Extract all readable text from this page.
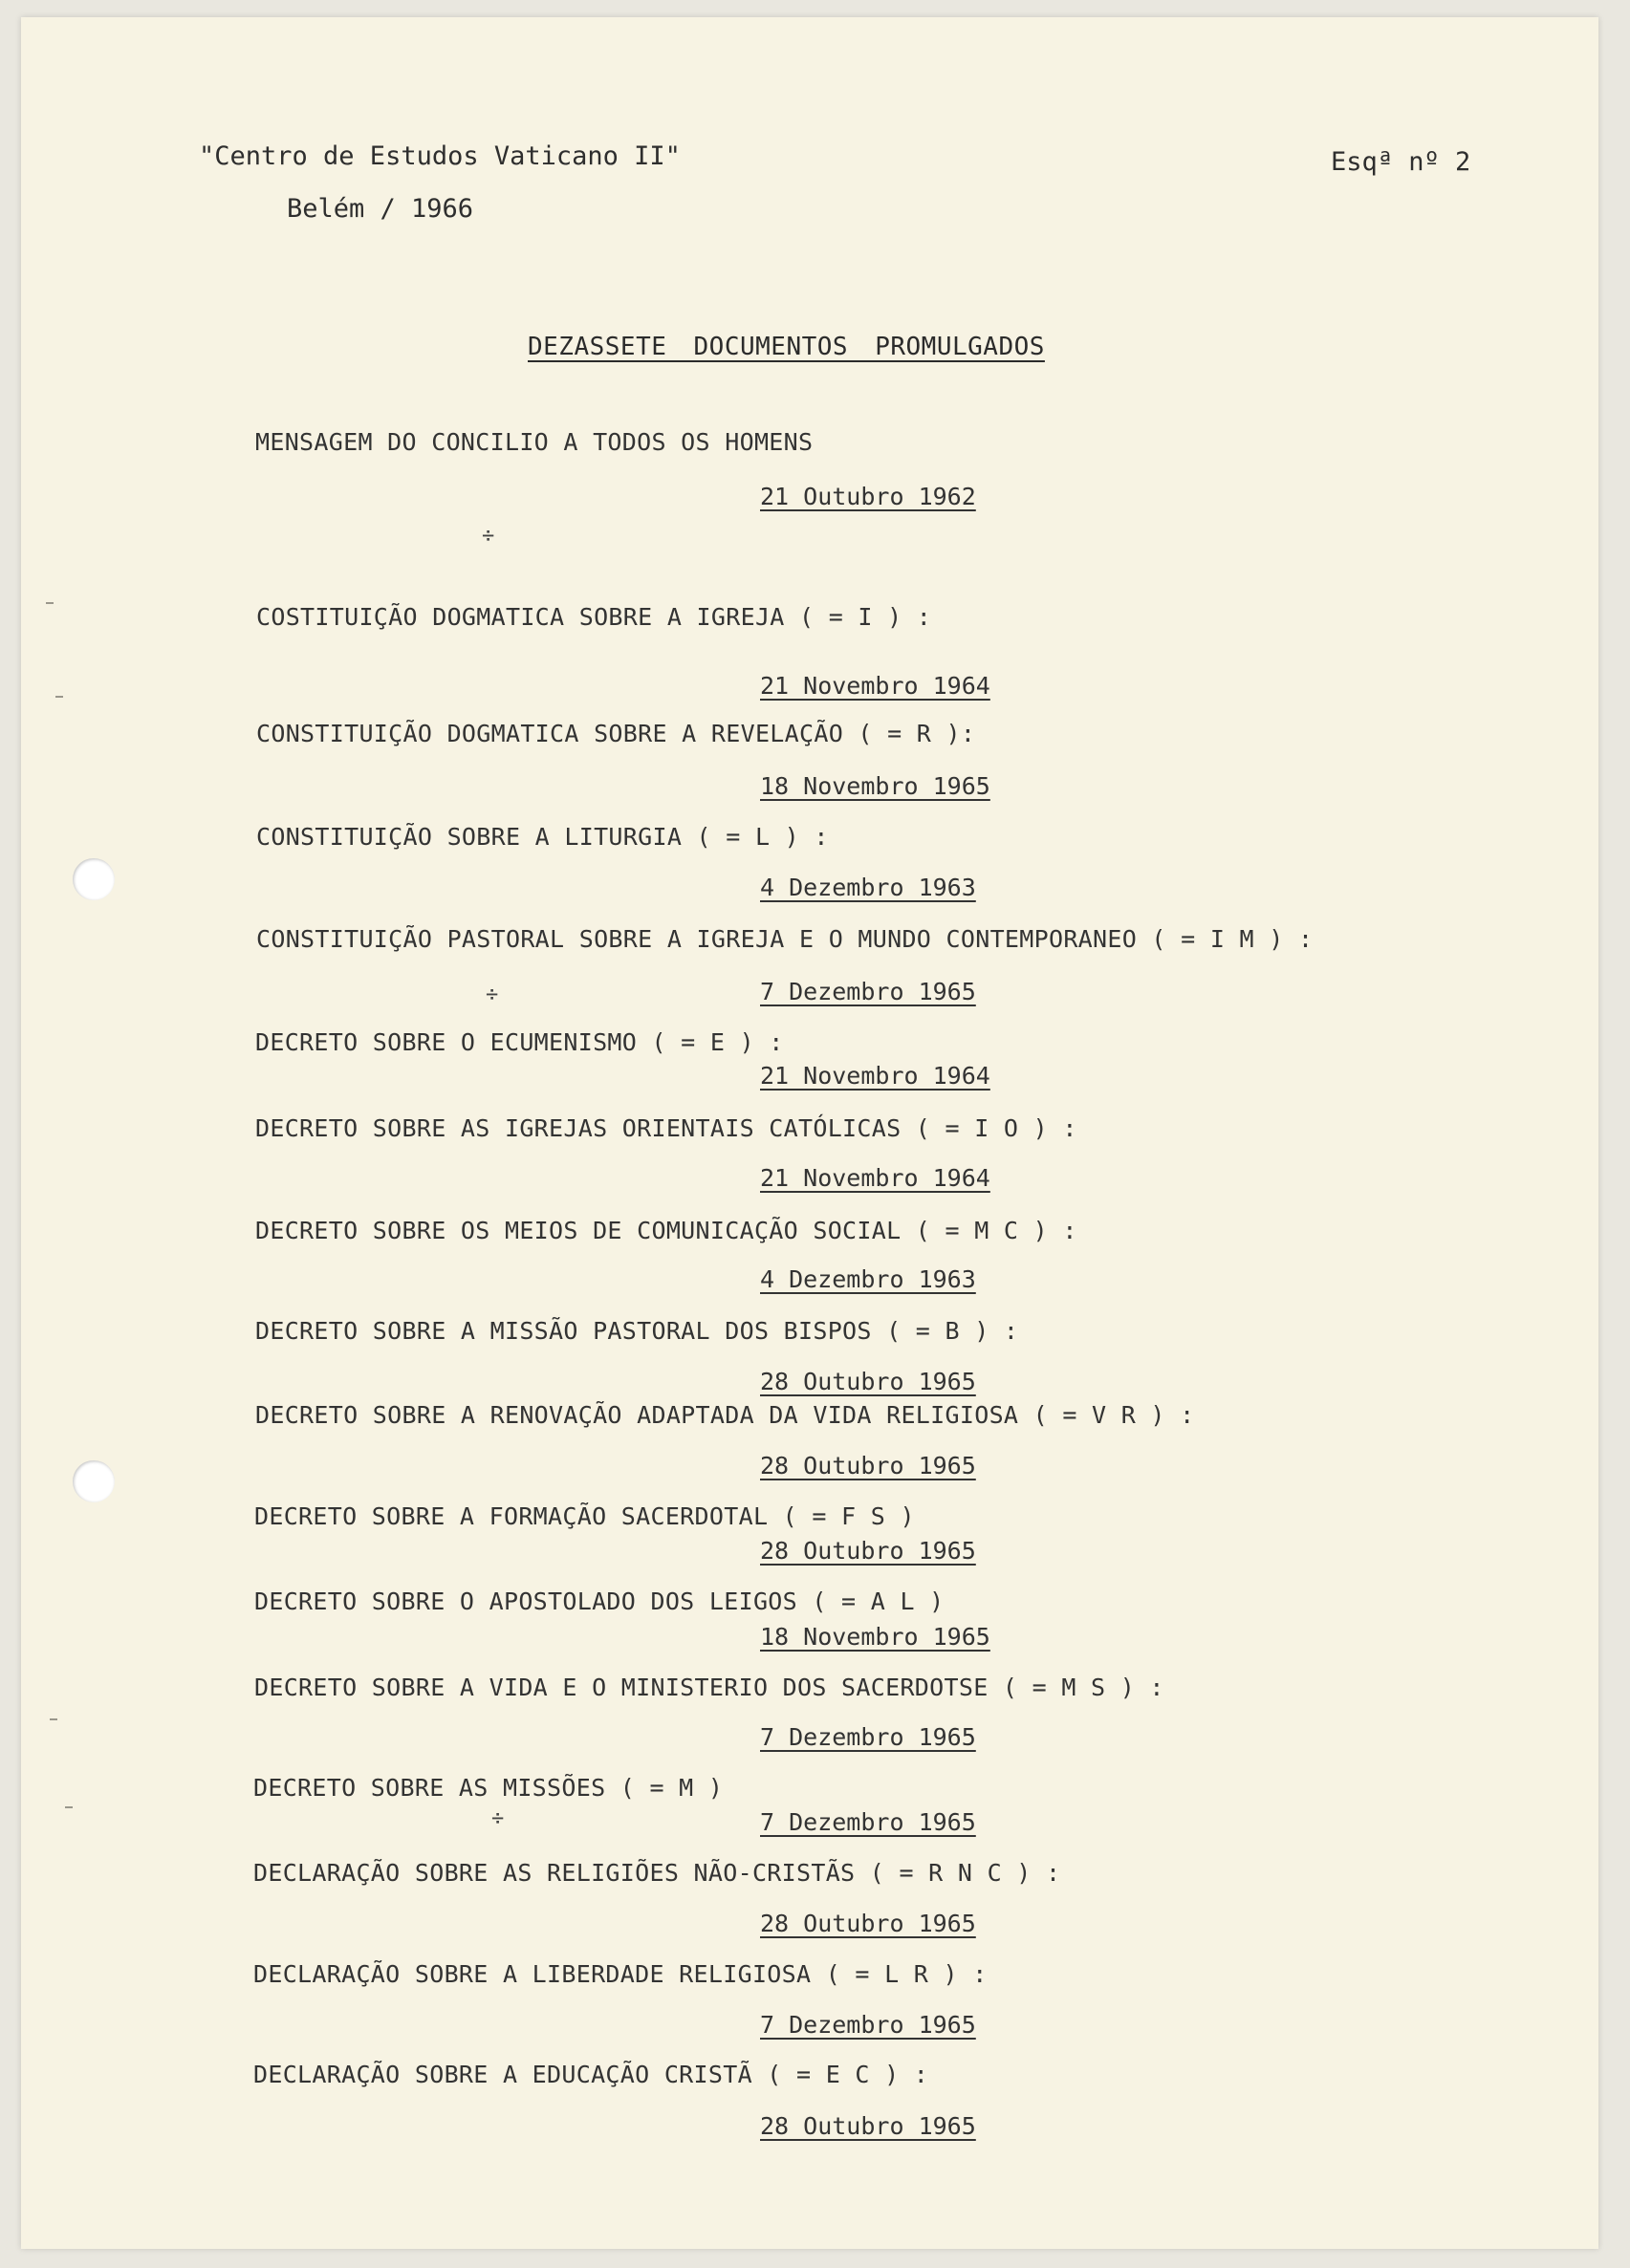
"Centro de Estudos Vaticano II"
Belém / 1966
Esqª nº 2
DEZASSETE DOCUMENTOS PROMULGADOS
MENSAGEM DO CONCILIO A TODOS OS HOMENS
21 Outubro 1962
COSTITUIÇÃO DOGMATICA SOBRE A IGREJA ( = I ) :
21 Novembro 1964
CONSTITUIÇÃO DOGMATICA SOBRE A REVELAÇÃO ( = R ):
18 Novembro 1965
CONSTITUIÇÃO SOBRE A LITURGIA ( = L ) :
4 Dezembro 1963
CONSTITUIÇÃO PASTORAL SOBRE A IGREJA E O MUNDO CONTEMPORANEO ( = I M ) :
7 Dezembro 1965
DECRETO SOBRE O ECUMENISMO ( = E ) :
21 Novembro 1964
DECRETO SOBRE AS IGREJAS ORIENTAIS CATÓLICAS ( = I O ) :
21 Novembro 1964
DECRETO SOBRE OS MEIOS DE COMUNICAÇÃO SOCIAL ( = M C ) :
4 Dezembro 1963
DECRETO SOBRE A MISSÃO PASTORAL DOS BISPOS ( = B ) :
28 Outubro 1965
DECRETO SOBRE A RENOVAÇÃO ADAPTADA DA VIDA RELIGIOSA ( = V R ) :
28 Outubro 1965
DECRETO SOBRE A FORMAÇÃO SACERDOTAL ( = F S )
28 Outubro 1965
DECRETO SOBRE O APOSTOLADO DOS LEIGOS ( = A L )
18 Novembro 1965
DECRETO SOBRE A VIDA E O MINISTERIO DOS SACERDOTSE ( = M S ) :
7 Dezembro 1965
DECRETO SOBRE AS MISSÕES ( = M )
7 Dezembro 1965
DECLARAÇÃO SOBRE AS RELIGIÕES NÃO-CRISTÃS ( = R N C ) :
28 Outubro 1965
DECLARAÇÃO SOBRE A LIBERDADE RELIGIOSA ( = L R ) :
7 Dezembro 1965
DECLARAÇÃO SOBRE A EDUCAÇÃO CRISTÃ ( = E C ) :
28 Outubro 1965
÷
÷
÷
